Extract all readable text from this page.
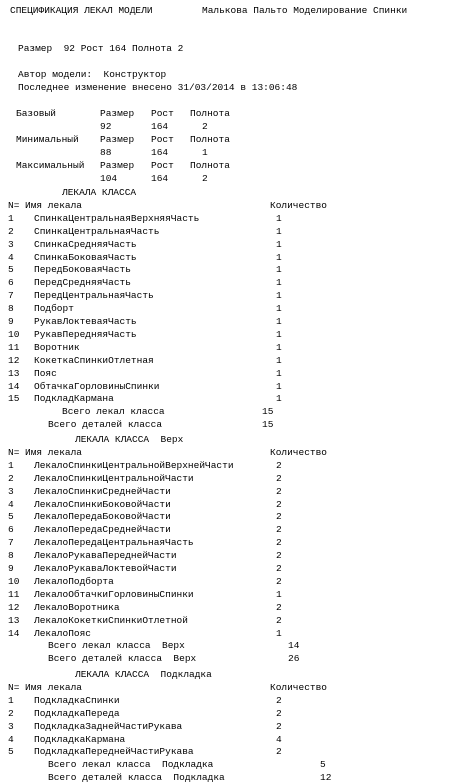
СПЕЦИФИКАЦИЯ ЛЕКАЛ МОДЕЛИ	Малькова Пальто Моделирование Спинки
Размер  92 Рост 164 Полнота 2
Автор модели:  Конструктор
Последнее изменение внесено 31/03/2014 в 13:06:48
Базовый	Размер Рост Полнота
92	164	2
Минимальный Размер Рост Полнота
88	164	1
Максимальный Размер Рост Полнота
104	164	2
ЛЕКАЛА КЛАССА
N= Имя лекала	Количество
1 СпинкаЦентральнаяВерхняяЧасть	1
2 СпинкаЦентральнаяЧасть	1
3 СпинкаСредняяЧасть	1
4 СпинкаБоковаяЧасть	1
5 ПередБоковаяЧасть	1
6 ПередСредняяЧасть	1
7 ПередЦентральнаяЧасть	1
8 Подборт	1
9 РукавЛоктеваяЧасть	1
10 РукавПередняяЧасть	1
11 Воротник	1
12 КокеткаСпинкиОтлетная	1
13 Пояс	1
14 ОбтачкаГорловиныСпинки	1
15 ПодкладКармана	1
Всего лекал класса	15
Всего деталей класса	15
ЛЕКАЛА КЛАССА  Верх
N= Имя лекала	Количество
1 ЛекалоСпинкиЦентральнойВерхнейЧасти	2
2 ЛекалоСпинкиЦентральнойЧасти	2
3 ЛекалоСпинкиСреднейЧасти	2
4 ЛекалоСпинкиБоковойЧасти	2
5 ЛекалоПередаБоковойЧасти	2
6 ЛекалоПередаСреднейЧасти	2
7 ЛекалоПередаЦентральнаяЧасть	2
8 ЛекалоРукаваПереднейЧасти	2
9 ЛекалоРукаваЛоктевойЧасти	2
10 ЛекалоПодборта	2
11 ЛекалоОбтачкиГорловиныСпинки	1
12 ЛекалоВоротника	2
13 ЛекалоКокеткиСпинкиОтлетной	2
14 ЛекалоПояс	1
Всего лекал класса  Верх	14
Всего деталей класса  Верх	26
ЛЕКАЛА КЛАССА  Подкладка
N= Имя лекала	Количество
1 ПодкладкаСпинки	2
2 ПодкладкаПереда	2
3 ПодкладкаЗаднейЧастиРукава	2
4 ПодкладкаКармана	4
5 ПодкладкаПереднейЧастиРукава	2
Всего лекал класса  Подкладка	5
Всего деталей класса  Подкладка	12
